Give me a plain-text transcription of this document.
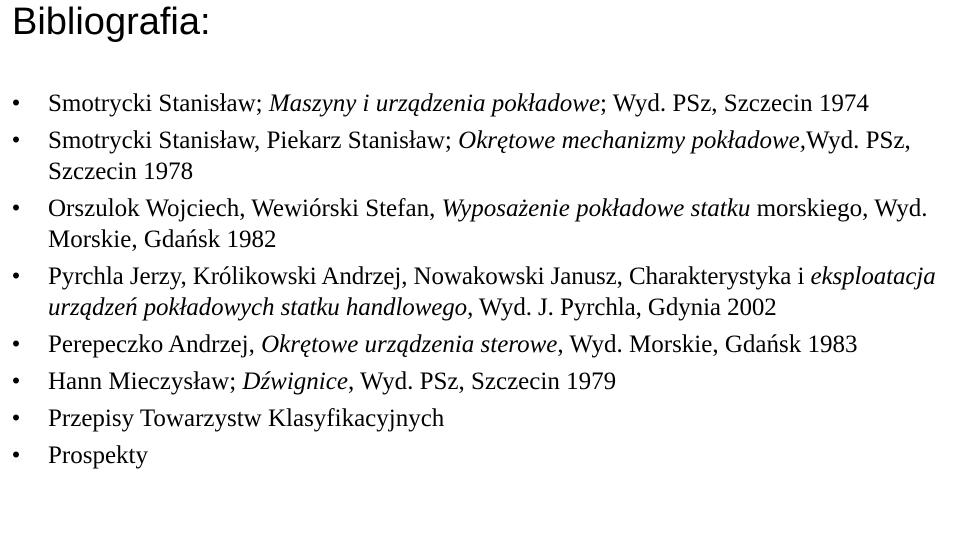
Bibliografia:
• Smotrycki Stanisław; Maszyny i urządzenia pokładowe; Wyd. PSz, Szczecin 1974
• Smotrycki Stanisław, Piekarz Stanisław; Okrętowe mechanizmy pokładowe,Wyd. PSz, Szczecin 1978
• Orszulok Wojciech, Wewiórski Stefan, Wyposażenie pokładowe statku morskiego, Wyd. Morskie, Gdańsk 1982
• Pyrchla Jerzy, Królikowski Andrzej, Nowakowski Janusz, Charakterystyka i eksploatacja urządzeń pokładowych statku handlowego, Wyd. J. Pyrchla, Gdynia 2002
• Perepeczko Andrzej, Okrętowe urządzenia sterowe, Wyd. Morskie, Gdańsk 1983
• Hann Mieczysław; Dźwignice, Wyd. PSz, Szczecin 1979
• Przepisy Towarzystw Klasyfikacyjnych
• Prospekty
